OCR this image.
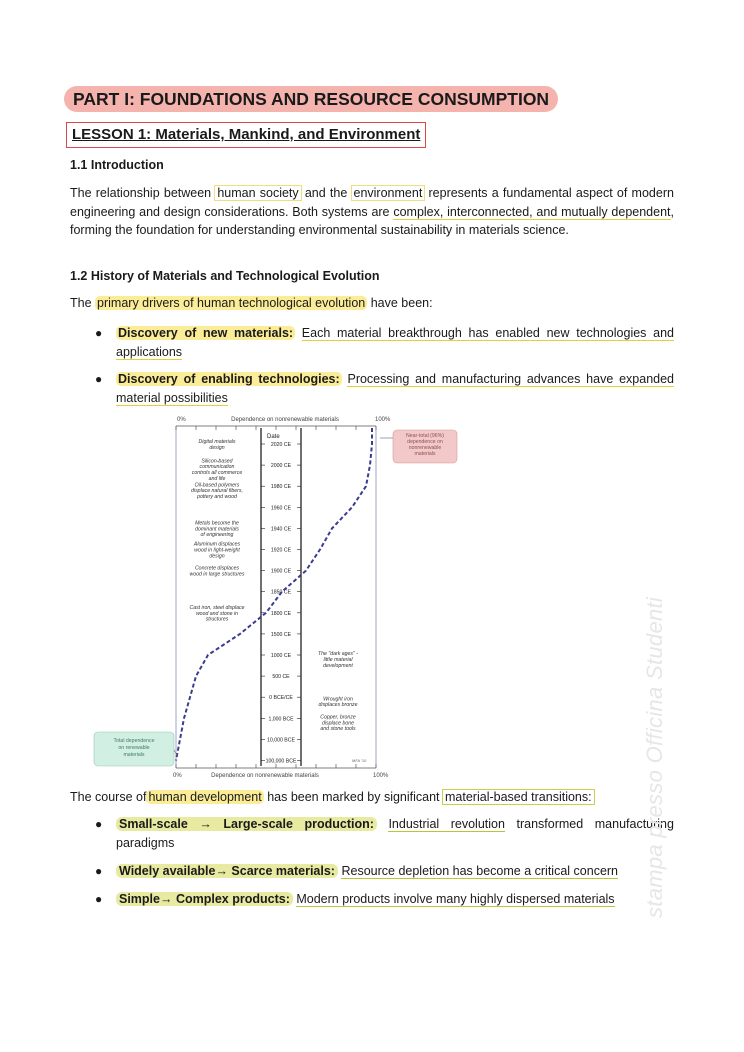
PART I: FOUNDATIONS AND RESOURCE CONSUMPTION
LESSON 1: Materials, Mankind, and Environment
1.1 Introduction
The relationship between human society and the environment represents a fundamental aspect of modern engineering and design considerations. Both systems are complex, interconnected, and mutually dependent, forming the foundation for understanding environmental sustainability in materials science.
1.2 History of Materials and Technological Evolution
The primary drivers of human technological evolution have been:
● Discovery of new materials: Each material breakthrough has enabled new technologies and applications
● Discovery of enabling technologies: Processing and manufacturing advances have expanded material possibilities
0%	Dependence on nonrenewable materials	100%
0%	Dependence on nonrenewable materials	100%
Date
2020 CE
2000 CE
1980 CE
1960 CE
1940 CE
1920 CE
1900 CE
1850 CE
1800 CE
1500 CE
1000 CE
500 CE
0 BCE/CE
1,000 BCE
10,000 BCE
100,000 BCE
Digital materials
design
Silicon-based
communication
controls all commerce
and life
Oil-based polymers
displace natural fibers,
pottery and wood
Metals become the
dominant materials
of engineering
Aluminum displaces
wood in light-weight
design
Concrete displaces
wood in large structures
Cast iron, steel displace
wood and stone in
structures
The "dark ages" -
little material
development
Wrought iron
displaces bronze
Copper, bronze
displace bone
and stone tools
Near-total (96%)
dependence on
nonrenewable
materials
Total dependence
on renewable
materials
MFA '10
The course of human development has been marked by significant material-based transitions:
● Small-scale → Large-scale production: Industrial revolution transformed manufacturing paradigms
● Widely available→ Scarce materials: Resource depletion has become a critical concern
● Simple→ Complex products: Modern products involve many highly dispersed materials	stampa presso Officina Studenti
